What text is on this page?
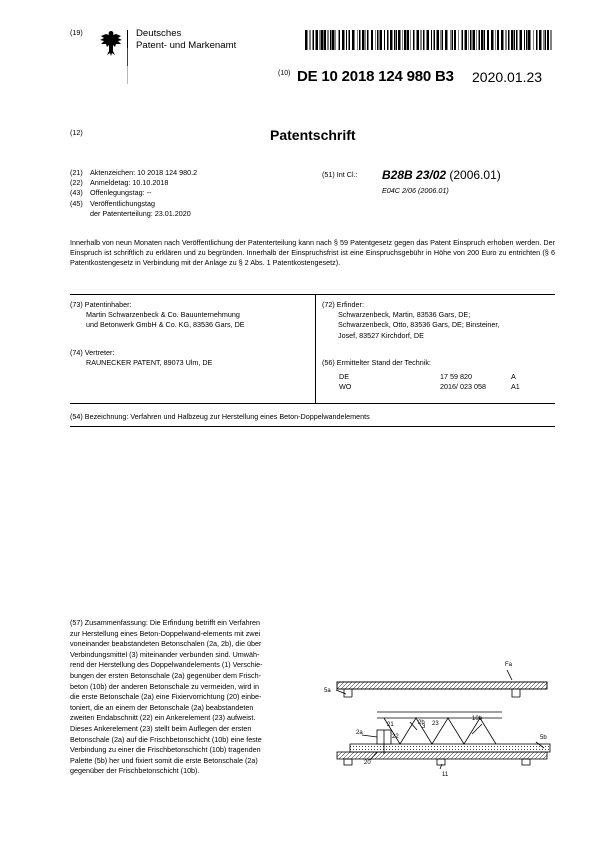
(19)	Deutsches
Patent- und Markenamt
(10) DE 10 2018 124 980 B3 2020.01.23
(12)	Patentschrift
(21) Aktenzeichen: 10 2018 124 980.2
(22) Anmeldetag: 10.10.2018
(43) Offenlegungstag: --
(45) Veröffentlichungstag
der Patenterteilung: 23.01.2020
(51) Int Cl.: B28B 23/02 (2006.01)
E04C 2/06 (2006.01)
Innerhalb von neun Monaten nach Veröffentlichung der Patenterteilung kann nach § 59 Patentgesetz gegen das Patent Einspruch erhoben werden. Der Einspruch ist schriftlich zu erklären und zu begründen. Innerhalb der Einspruchsfrist ist eine Einspruchsgebühr in Höhe von 200 Euro zu entrichten (§ 6 Patentkostengesetz in Verbindung mit der Anlage zu § 2 Abs. 1 Patentkostengesetz).
(73) Patentinhaber:
Martin Schwarzenbeck & Co. Bauunternehmung
und Betonwerk GmbH & Co. KG, 83536 Gars, DE
(74) Vertreter:
RAUNECKER PATENT, 89073 Ulm, DE
(72) Erfinder:
Schwarzenbeck, Martin, 83536 Gars, DE;
Schwarzenbeck, Otto, 83536 Gars, DE; Binsteiner,
Josef, 83527 Kirchdorf, DE
(56) Ermittelter Stand der Technik:
DE	17 59 820	A
WO	2016/ 023 058	A1
(54) Bezeichnung: Verfahren und Halbzeug zur Herstellung eines Beton-Doppelwandelements
(57) Zusammenfassung: Die Erfindung betrifft ein Verfahren
zur Herstellung eines Beton-Doppelwand-elements mit zwei
voneinander beabstandeten Betonschalen (2a, 2b), die über
Verbindungsmittel (3) miteinander verbunden sind. Umwäh-
rend der Herstellung des Doppelwandelements (1) Verschie-
bungen der ersten Betonschale (2a) gegenüber dem Frisch-
beton (10b) der anderen Betonschale zu vermeiden, wird in
die erste Betonschale (2a) eine Fixiervorrichtung (20) einbe-
toniert, die an einem der Betonschale (2a) beabstandeten
zweiten Endabschnitt (22) ein Ankerelement (23) aufweist.
Dieses Ankerelement (23) stellt beim Auflegen der ersten
Betonschale (2a) auf die Frischbetonschicht (10b) eine feste
Verbindung zu einer die Frischbetonschicht (10b) tragenden
Palette (5b) her und fixiert somit die erste Betonschale (2a)
gegenüber der Frischbetonschicht (10b).
Fa
5a
2a
3
10b
5b
20
21	2b
22
23
11
